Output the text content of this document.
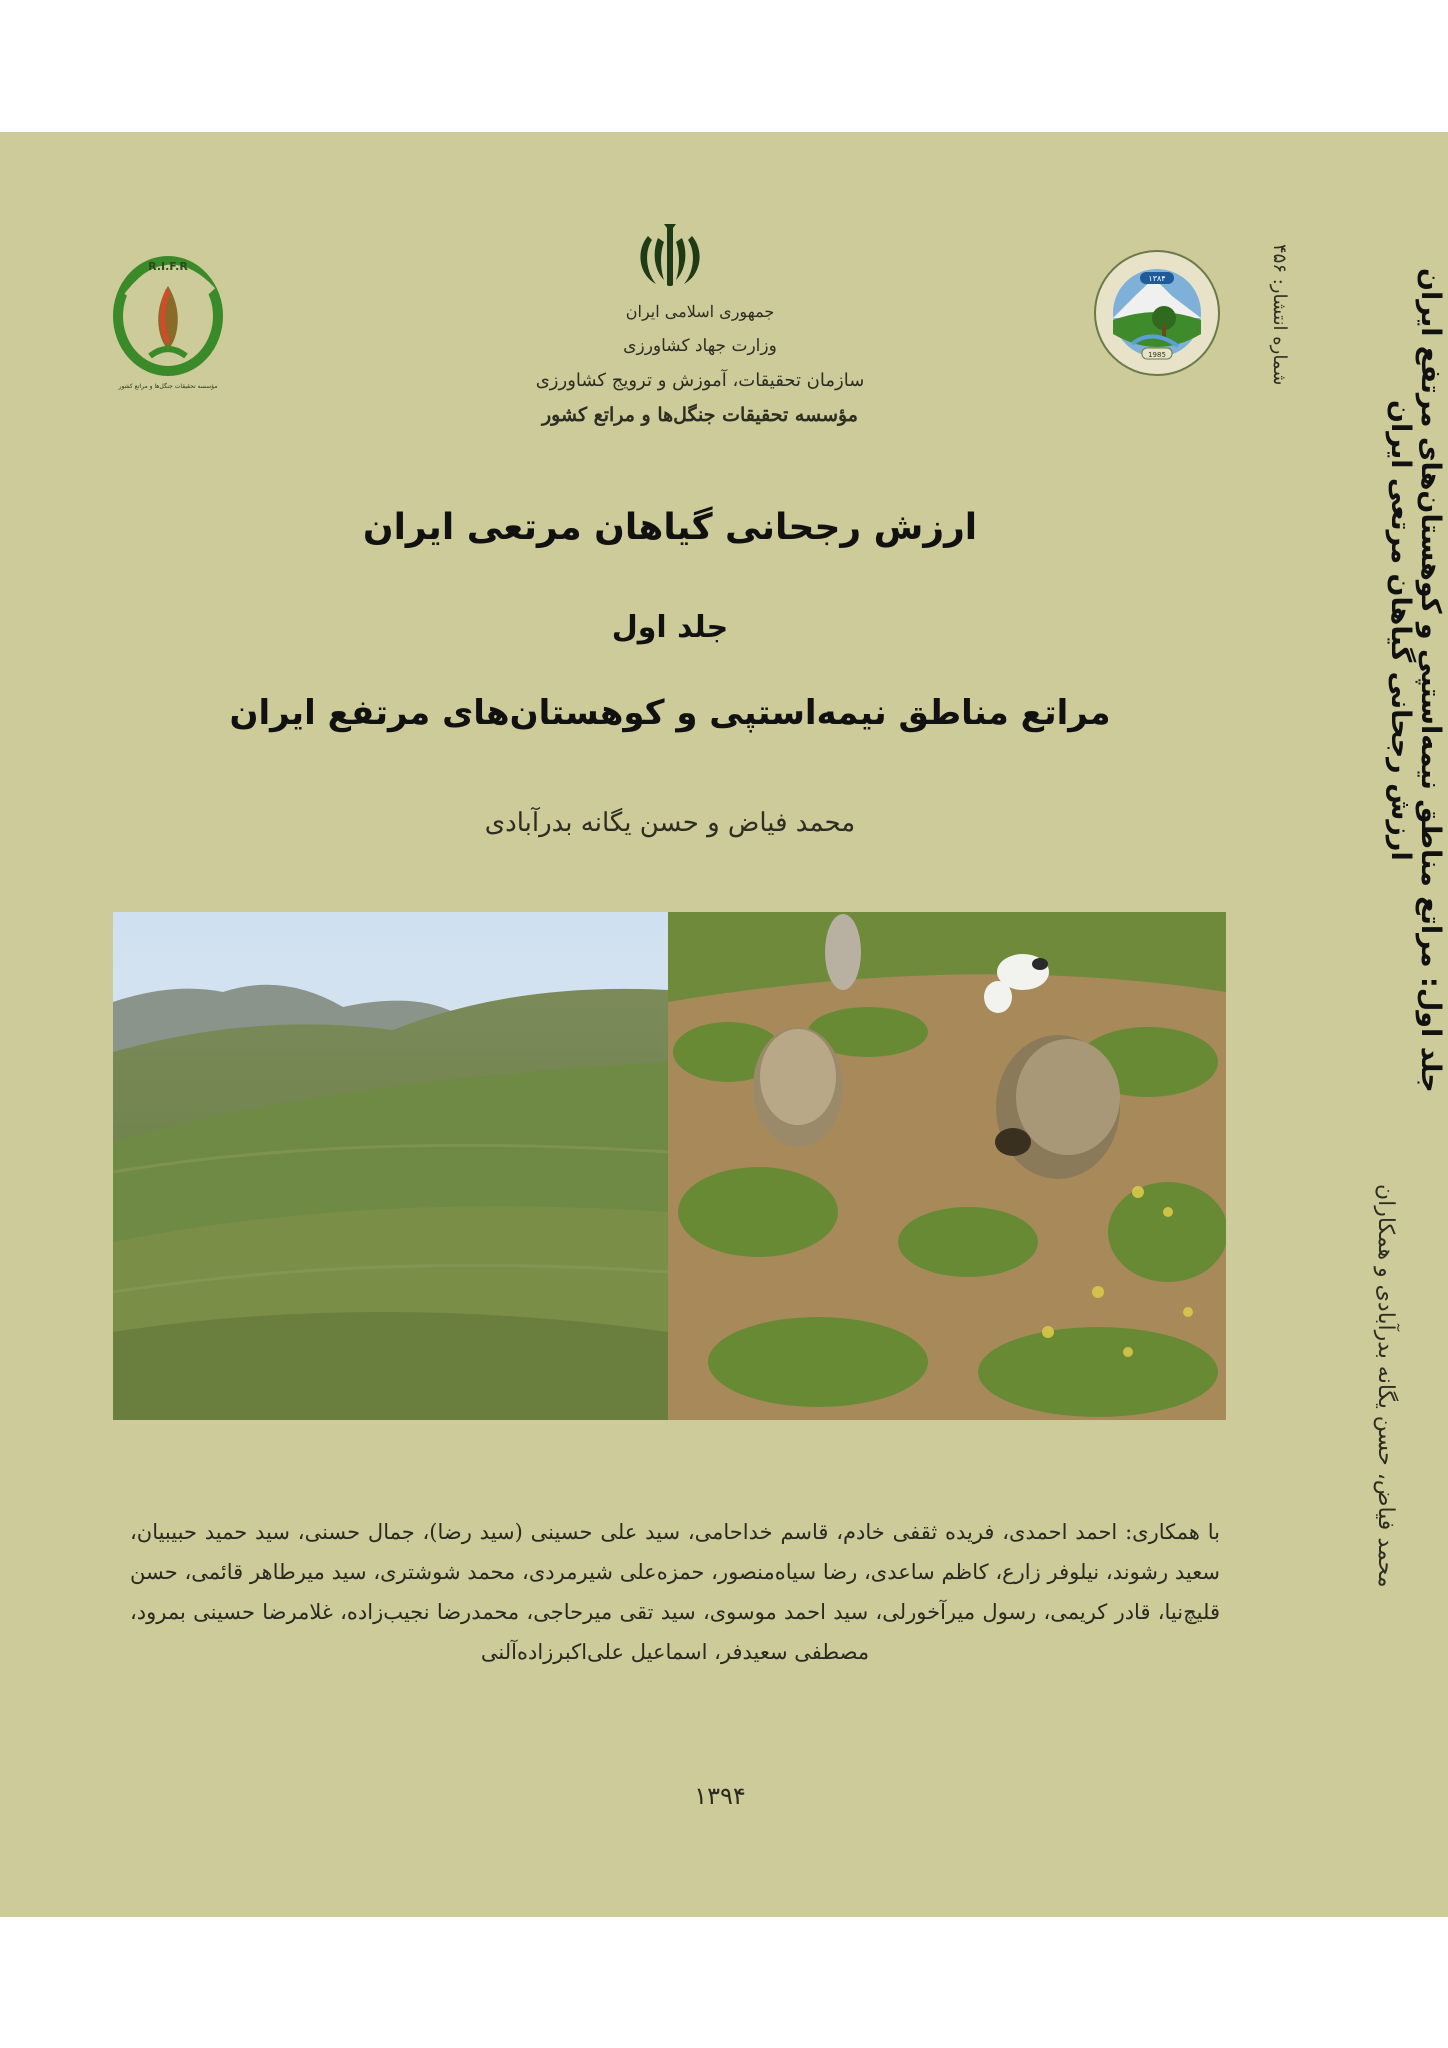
R.I.F.R
مؤسسه تحقیقات جنگل‌ها و مراتع کشور
۱۳۸۴
1985
جمهوری اسلامی ایران
وزارت جهاد کشاورزی
سازمان تحقیقات، آموزش و ترویج کشاورزی
مؤسسه تحقیقات جنگل‌ها و مراتع کشور
ارزش رجحانی گیاهان مرتعی ایران
جلد اول
مراتع مناطق نیمه‌استپی و کوهستان‌های مرتفع ایران
محمد فیاض و حسن یگانه بدرآبادی
با همکاری: احمد احمدی، فریده ثقفی خادم، قاسم خداحامی، سید علی حسینی (سید رضا)، جمال حسنی، سید حمید حبیبیان، سعید رشوند، نیلوفر زارع، کاظم ساعدی، رضا سیاه‌منصور، حمزه‌علی شیرمردی، محمد شوشتری، سید میرطاهر قائمی، حسن قلیچ‌نیا، قادر کریمی، رسول میرآخورلی، سید احمد موسوی، سید تقی میرحاجی، محمدرضا نجیب‌زاده، غلامرضا حسینی بمرود، مصطفی سعیدفر، اسماعیل علی‌اکبرزاده‌آلنی
۱۳۹۴
شماره انتشار: ۴۵۶
ارزش رجحانی گیاهان مرتعی ایران جلد اول: مراتع مناطق نیمه‌استپی و کوهستان‌های مرتفع ایران
محمد فیاض، حسن یگانه بدرآبادی و همکاران
